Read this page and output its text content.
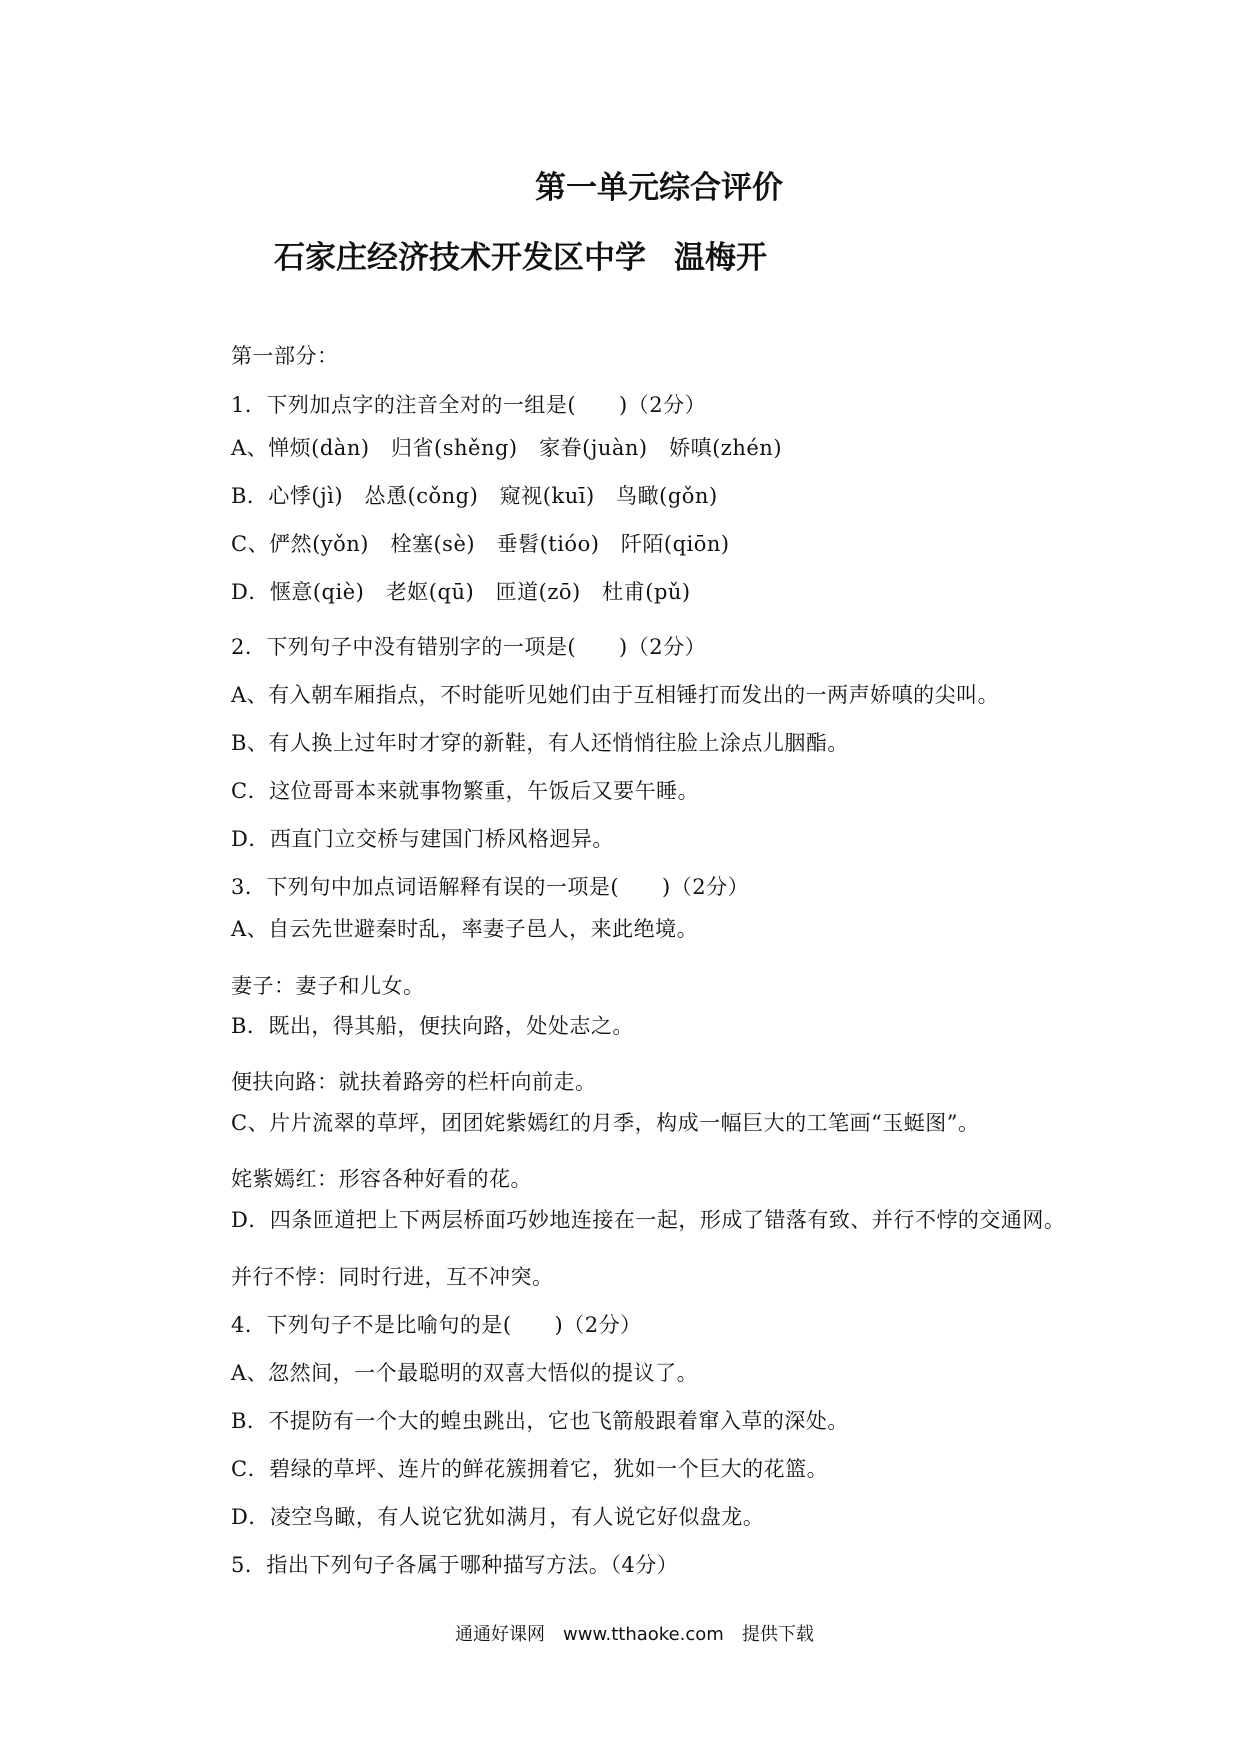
第一单元综合评价
石家庄经济技术开发区中学 温梅开
第一部分：
1．下列加点字的注音全对的一组是(　　)（2分）
A、惮烦(dàn)　归省(shěng)　家眷(juàn)　娇嗔(zhén)
B．心悸(jì)　怂恿(cǒng)　窥视(kuī)　鸟瞰(gǒn)
C、俨然(yǒn)　栓塞(sè)　垂髫(tióo)　阡陌(qiōn)
D．惬意(qiè)　老妪(qū)　匝道(zō)　杜甫(pǔ)
2．下列句子中没有错别字的一项是(　　)（2分）
A、有入朝车厢指点，不时能听见她们由于互相锤打而发出的一两声娇嗔的尖叫。
B、有人换上过年时才穿的新鞋，有人还悄悄往脸上涂点儿胭酯。
C．这位哥哥本来就事物繁重，午饭后又要午睡。
D．西直门立交桥与建国门桥风格迥异。
3．下列句中加点词语解释有误的一项是(　　)（2分）
A、自云先世避秦时乱，率妻子邑人，来此绝境。
妻子：妻子和儿女。
B．既出，得其船，便扶向路，处处志之。
便扶向路：就扶着路旁的栏杆向前走。
C、片片流翠的草坪，团团姹紫嫣红的月季，构成一幅巨大的工笔画“玉蜓图”。
姹紫嫣红：形容各种好看的花。
D．四条匝道把上下两层桥面巧妙地连接在一起，形成了错落有致、并行不悖的交通网。
并行不悖：同时行进，互不冲突。
4．下列句子不是比喻句的是(　　)（2分）
A、忽然间，一个最聪明的双喜大悟似的提议了。
B．不提防有一个大的蝗虫跳出，它也飞箭般跟着窜入草的深处。
C．碧绿的草坪、连片的鲜花簇拥着它，犹如一个巨大的花篮。
D．凌空鸟瞰，有人说它犹如满月，有人说它好似盘龙。
5．指出下列句子各属于哪种描写方法。（4分）
通通好课网　www.tthaoke.com　提供下载
